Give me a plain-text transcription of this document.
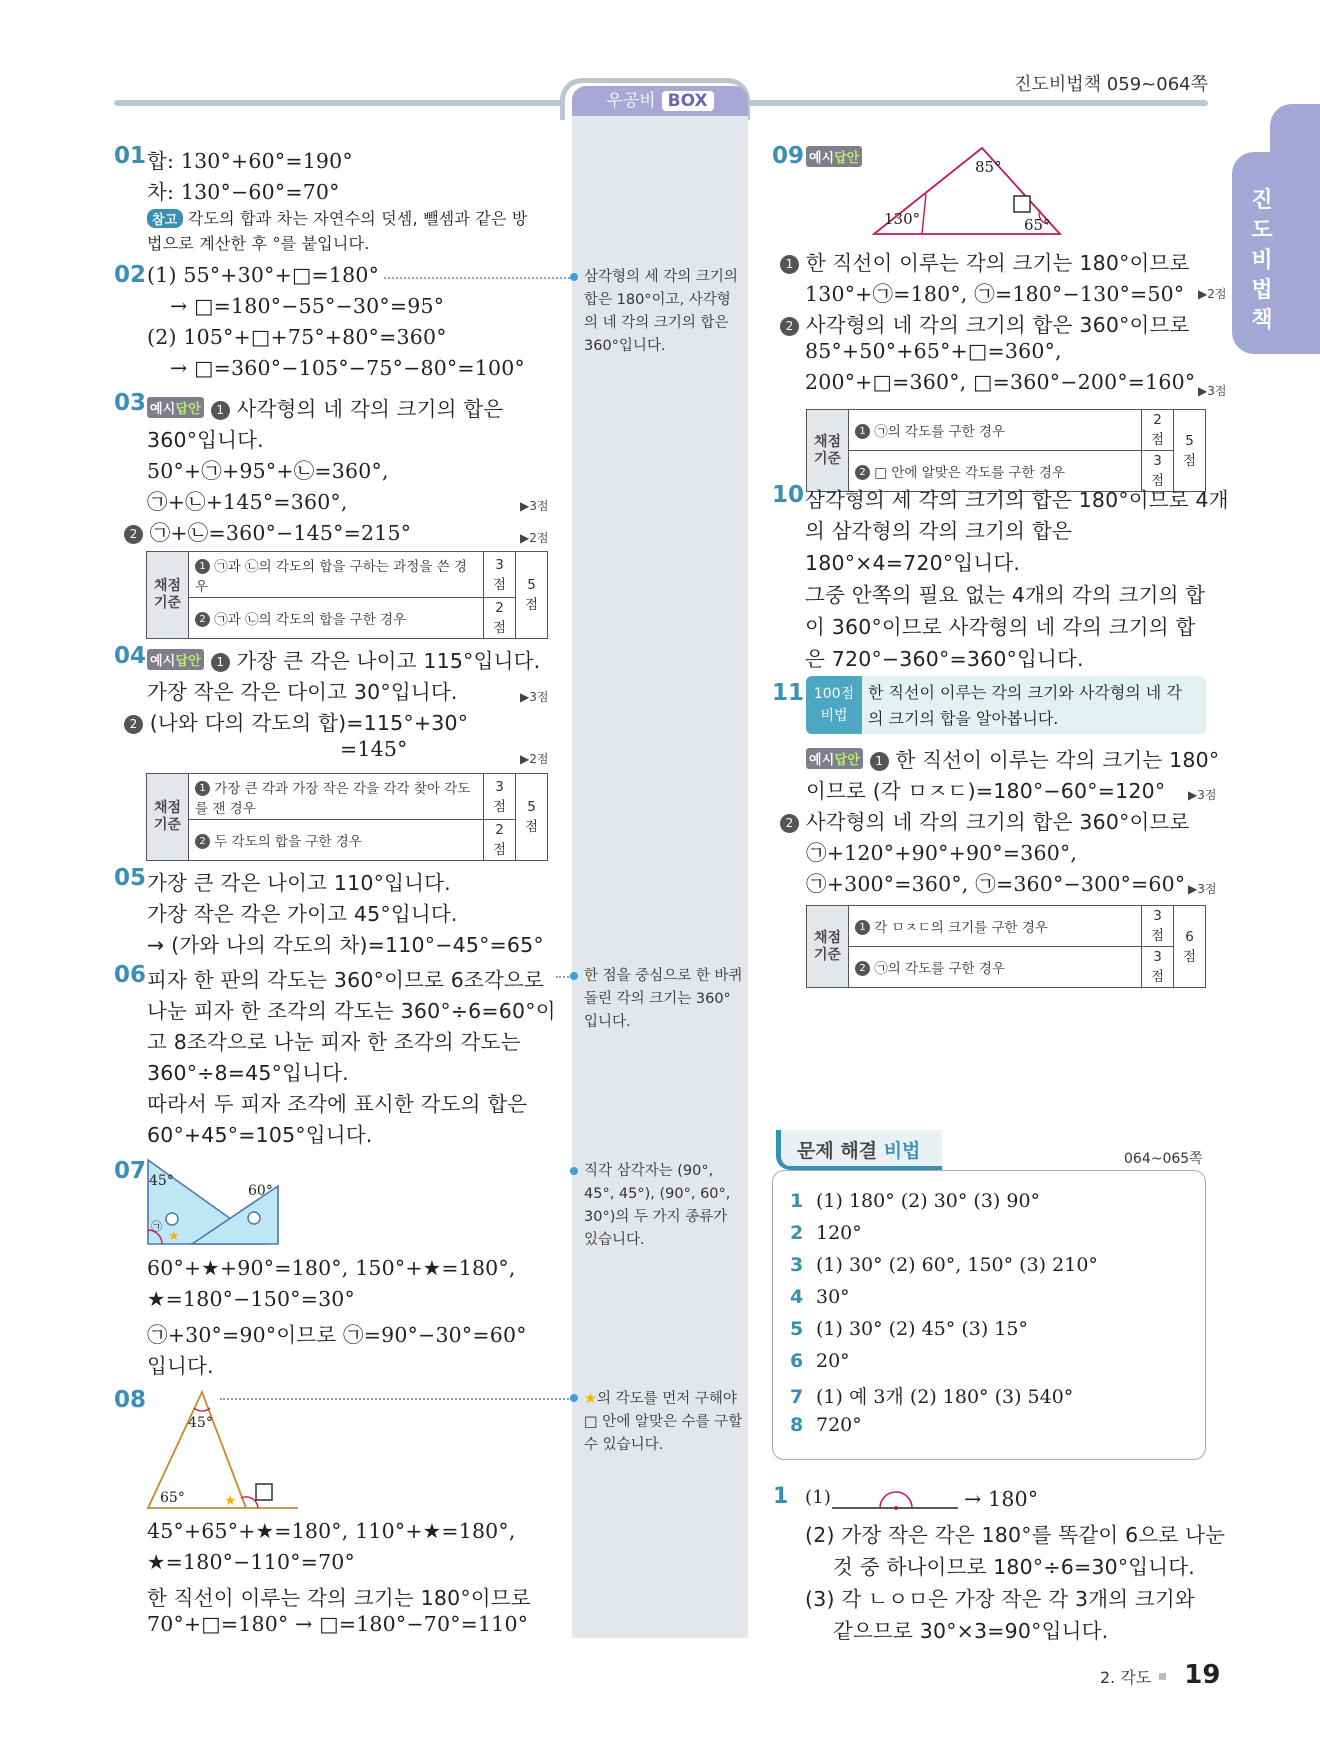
진도비법책 059~064쪽
우공비 BOX
진
도
비
법
책
01 합: 130°+60°=190°
차: 130°−60°=70°
참고 각도의 합과 차는 자연수의 덧셈, 뺄셈과 같은 방
법으로 계산한 후 °를 붙입니다.
02 (1) 55°+30°+□=180°
→ □=180°−55°−30°=95°
(2) 105°+□+75°+80°=360°
→ □=360°−105°−75°−80°=100°
삼각형의 세 각의 크기의 합은 180°이고, 사각형의 네 각의 크기의 합은 360°입니다.
03 예시답안 1 사각형의 네 각의 크기의 합은
360°입니다.
50°+㉠+95°+㉡=360°,
㉠+㉡+145°=360°,	▶3점
2 ㉠+㉡=360°−145°=215°	▶2점
채점 기준	1 ㉠과 ㉡의 각도의 합을 구하는 과정을 쓴 경우	3점	5점
	2 ㉠과 ㉡의 각도의 합을 구한 경우	2점	
04 예시답안 1 가장 큰 각은 나이고 115°입니다.
가장 작은 각은 다이고 30°입니다.	▶3점
2 (나와 다의 각도의 합)=115°+30°
=145°	▶2점
채점 기준	1 가장 큰 각과 가장 작은 각을 각각 찾아 각도를 잰 경우	3점	5점
	2 두 각도의 합을 구한 경우	2점	
05 가장 큰 각은 나이고 110°입니다.
가장 작은 각은 가이고 45°입니다.
→ (가와 나의 각도의 차)=110°−45°=65°
06 피자 한 판의 각도는 360°이므로 6조각으로
나눈 피자 한 조각의 각도는 360°÷6=60°이
고 8조각으로 나눈 피자 한 조각의 각도는
360°÷8=45°입니다.
따라서 두 피자 조각에 표시한 각도의 합은
60°+45°=105°입니다.
한 점을 중심으로 한 바퀴 돌린 각의 크기는 360°입니다.
07
★
㉠
45°
60°
60°+★+90°=180°, 150°+★=180°,
★=180°−150°=30°
㉠+30°=90°이므로 ㉠=90°−30°=60°
입니다.
직각 삼각자는 (90°, 45°, 45°), (90°, 60°, 30°)의 두 가지 종류가 있습니다.
08
★
45°
65°
★의 각도를 먼저 구해야 □ 안에 알맞은 수를 구할 수 있습니다.
45°+65°+★=180°, 110°+★=180°,
★=180°−110°=70°
한 직선이 이루는 각의 크기는 180°이므로
70°+□=180° → □=180°−70°=110°
09 예시답안	85°
130°	65°
1 한 직선이 이루는 각의 크기는 180°이므로
130°+㉠=180°, ㉠=180°−130°=50° ▶2점
2 사각형의 네 각의 크기의 합은 360°이므로
85°+50°+65°+□=360°,
200°+□=360°, □=360°−200°=160° ▶3점
채점 기준	1 ㉠의 각도를 구한 경우	2점	5점
	2 □ 안에 알맞은 각도를 구한 경우	3점	
10 삼각형의 세 각의 크기의 합은 180°이므로 4개
의 삼각형의 각의 크기의 합은
180°×4=720°입니다.
그중 안쪽의 필요 없는 4개의 각의 크기의 합
이 360°이므로 사각형의 네 각의 크기의 합
은 720°−360°=360°입니다.
11 100점 비법
한 직선이 이루는 각의 크기와 사각형의 네 각
의 크기의 합을 알아봅니다.
예시답안 1 한 직선이 이루는 각의 크기는 180°
이므로 (각 ㅁㅈㄷ)=180°−60°=120° ▶3점
2 사각형의 네 각의 크기의 합은 360°이므로
㉠+120°+90°+90°=360°,
㉠+300°=360°, ㉠=360°−300°=60° ▶3점
채점 기준	1 각 ㅁㅈㄷ의 크기를 구한 경우	3점	6점
	2 ㉠의 각도를 구한 경우	3점	
문제 해결 비법	064~065쪽
1 (1) 180° (2) 30° (3) 90°
2 120°
3 (1) 30° (2) 60°, 150° (3) 210°
4 30°
5 (1) 30° (2) 45° (3) 15°
6 20°
7 (1) 예 3개 (2) 180° (3) 540°
8 720°
1 (1)	→ 180°
(2) 가장 작은 각은 180°를 똑같이 6으로 나눈
것 중 하나이므로 180°÷6=30°입니다.
(3) 각 ㄴㅇㅁ은 가장 작은 각 3개의 크기와
같으므로 30°×3=90°입니다.
2. 각도 19
